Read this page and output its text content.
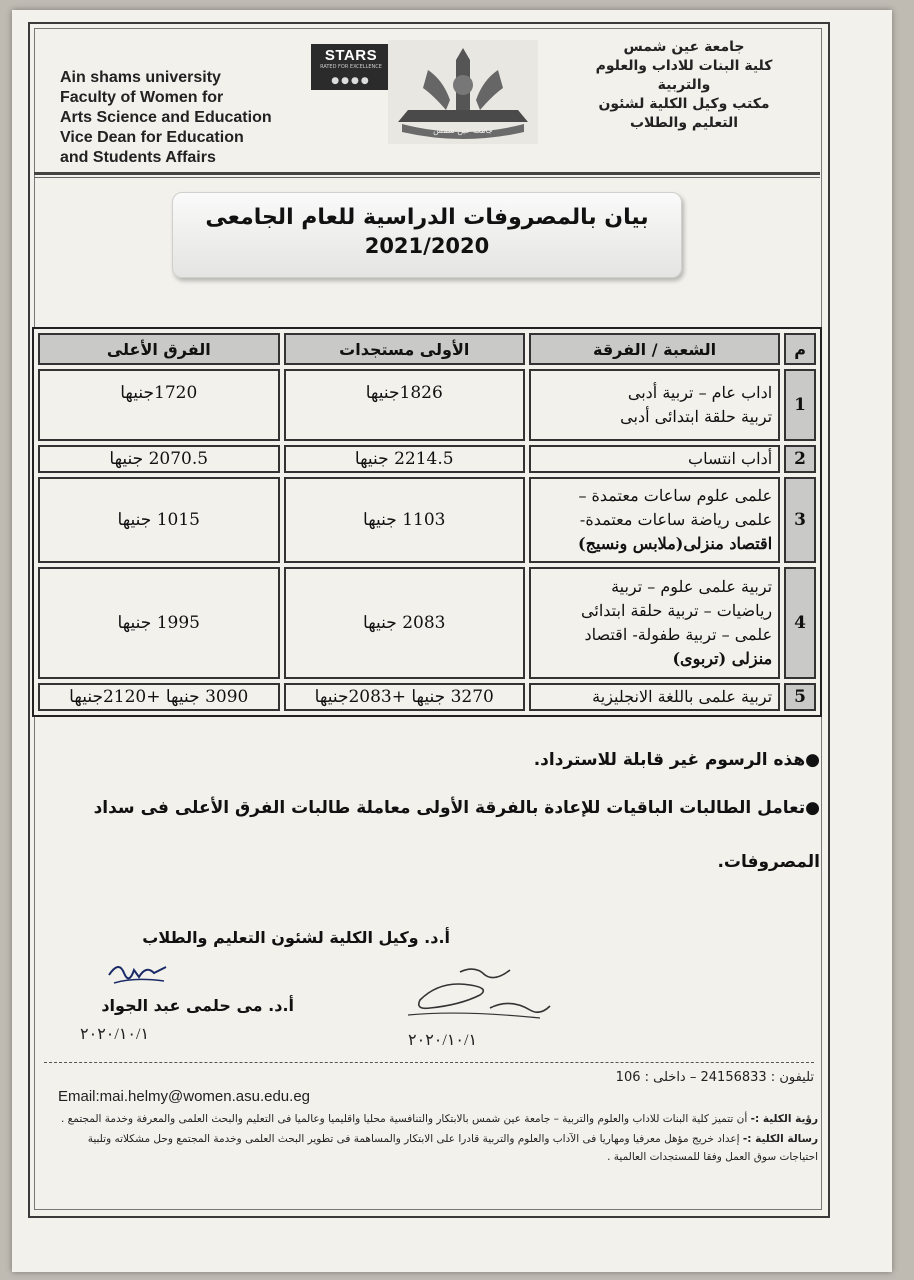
Ain shams university
Faculty of Women for
Arts Science and Education
Vice Dean for Education
and Students Affairs
STARS
RATED FOR EXCELLENCE
●●●●
جامعة عين شمس
جامعة عين شمس
كلية البنات للاداب والعلوم
والتربية
مكتب وكيل الكلية لشئون
التعليم والطلاب
بيان بالمصروفات الدراسية للعام الجامعى
2021/2020
م	الشعبة / الفرقة	الأولى مستجدات	الفرق الأعلى
1	اداب عام – تربية أدبى
تربية حلقة ابتدائى أدبى	1826جنيها	1720جنيها
2	أداب انتساب	2214.5 جنيها	2070.5 جنيها
3	علمى علوم ساعات معتمدة –
علمى رياضة ساعات معتمدة-
اقتصاد منزلى(ملابس ونسيج)	1103 جنيها	1015 جنيها
4	تربية علمى علوم – تربية
رياضيات – تربية حلقة ابتدائى
علمى – تربية طفولة- اقتصاد
منزلى (تربوى)	2083 جنيها	1995 جنيها
5	تربية علمى باللغة الانجليزية	3270 جنيها +2083جنيها	3090 جنيها +2120جنيها

●هذه الرسوم غير قابلة للاسترداد.

●تعامل الطالبات الباقيات للإعادة بالفرقة الأولى معاملة طالبات الفرق الأعلى فى سداد المصروفات.

أ.د. وكيل الكلية لشئون التعليم والطلاب
أ.د. مى حلمى عبد الجواد
٢٠٢٠/١٠/١	٢٠٢٠/١٠/١
تليفون : 24156833 – داخلى : 106
Email:mai.helmy@women.asu.edu.eg

رؤية الكلية :- أن تتميز كلية البنات للاداب والعلوم والتربية – جامعة عين شمس بالابتكار والتنافسية محليا واقليميا وعالميا فى التعليم والبحث العلمى والمعرفة وخدمة المجتمع .

رسالة الكلية :- إعداد خريج مؤهل معرفيا ومهاريا فى الآداب والعلوم والتربية قادرا على الابتكار والمساهمة فى تطوير البحث العلمى وخدمة المجتمع وحل مشكلاته وتلبية احتياجات سوق العمل وفقا للمستجدات العالمية .
